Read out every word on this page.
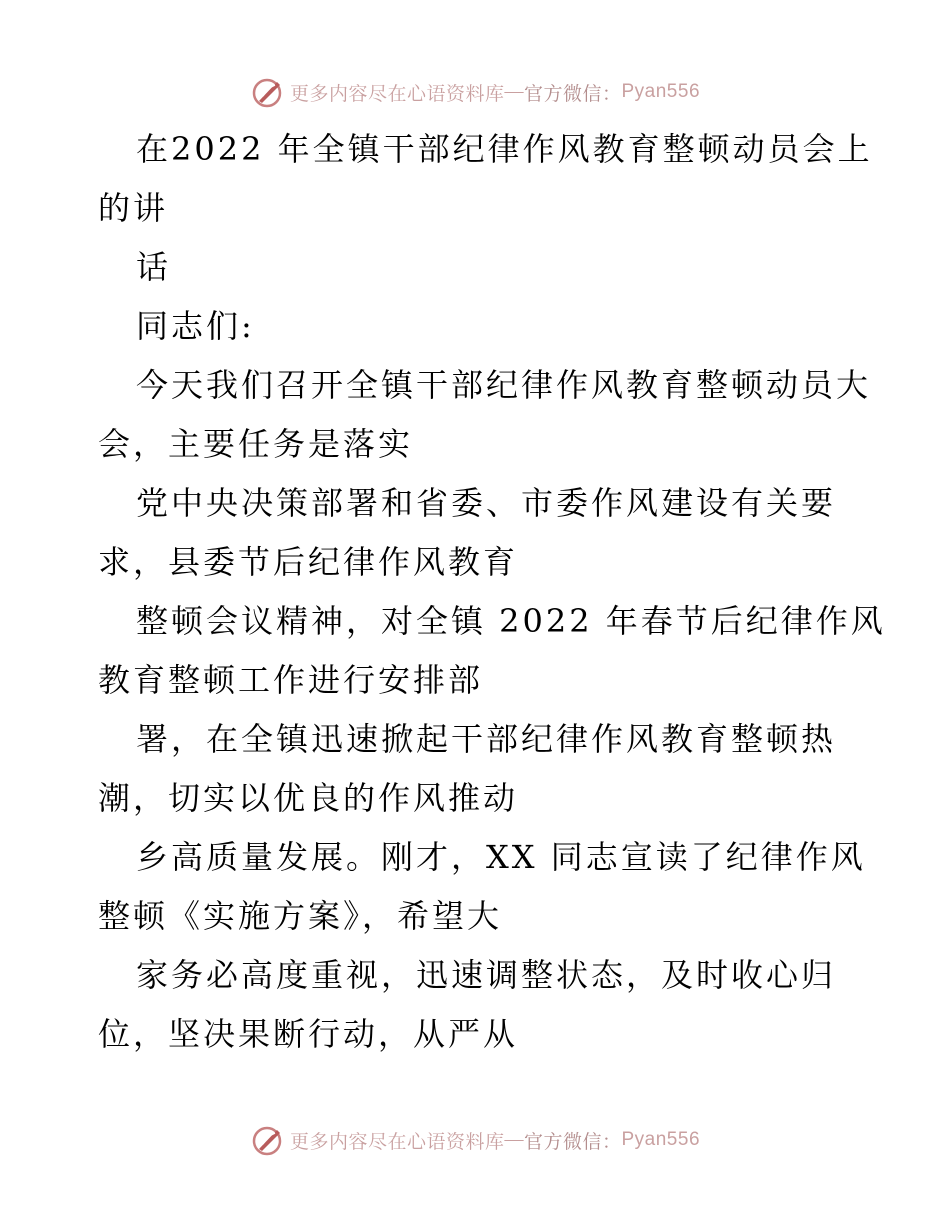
更多内容尽在心语资料库 — 官方微信： Pyan556
在2022 年全镇干部纪律作风教育整顿动员会上
的讲
话
同志们:
今天我们召开全镇干部纪律作风教育整顿动员大
会，主要任务是落实
党中央决策部署和省委、市委作风建设有关要
求，县委节后纪律作风教育
整顿会议精神，对全镇 2022 年春节后纪律作风
教育整顿工作进行安排部
署，在全镇迅速掀起干部纪律作风教育整顿热
潮，切实以优良的作风推动
乡高质量发展。刚才，XX 同志宣读了纪律作风
整顿《实施方案》，希望大
家务必高度重视，迅速调整状态，及时收心归
位，坚决果断行动，从严从
更多内容尽在心语资料库 — 官方微信： Pyan556
